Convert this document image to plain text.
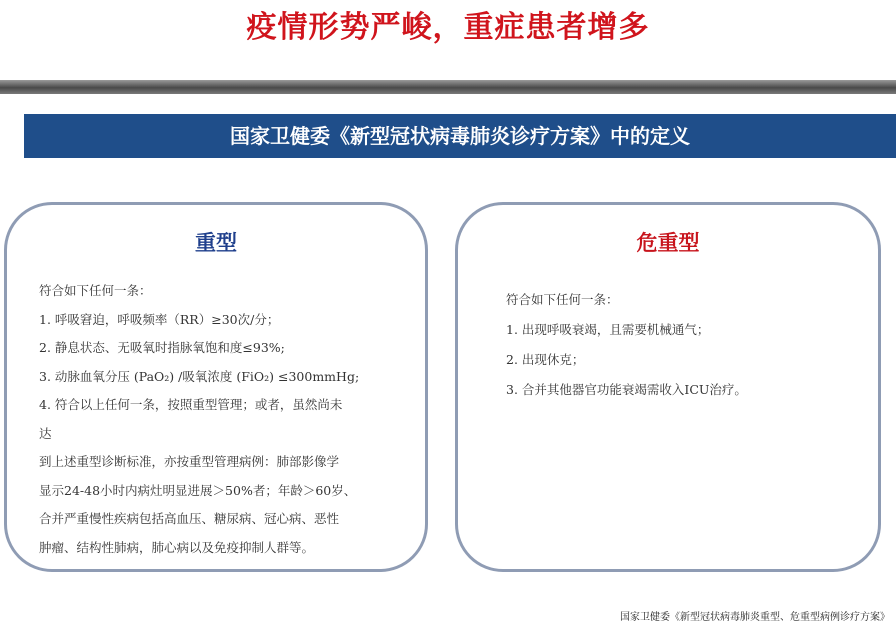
疫情形势严峻，重症患者增多
国家卫健委《新型冠状病毒肺炎诊疗方案》中的定义
重型

符合如下任何一条：

1. 呼吸窘迫，呼吸频率（RR）≥30次/分；

2. 静息状态、无吸氧时指脉氧饱和度≤93%;

3. 动脉血氧分压 (PaO₂) /吸氧浓度 (FiO₂) ≤300mmHg;

4. 符合以上任何一条，按照重型管理；或者，虽然尚未

达

到上述重型诊断标准，亦按重型管理病例：肺部影像学

显示24-48小时内病灶明显进展＞50%者；年龄＞60岁、

合并严重慢性疾病包括高血压、糖尿病、冠心病、恶性

肿瘤、结构性肺病，肺心病以及免疫抑制人群等。

危重型

符合如下任何一条：

1. 出现呼吸衰竭，且需要机械通气；

2. 出现休克；

3. 合并其他器官功能衰竭需收入ICU治疗。

国家卫健委《新型冠状病毒肺炎重型、危重型病例诊疗方案》
